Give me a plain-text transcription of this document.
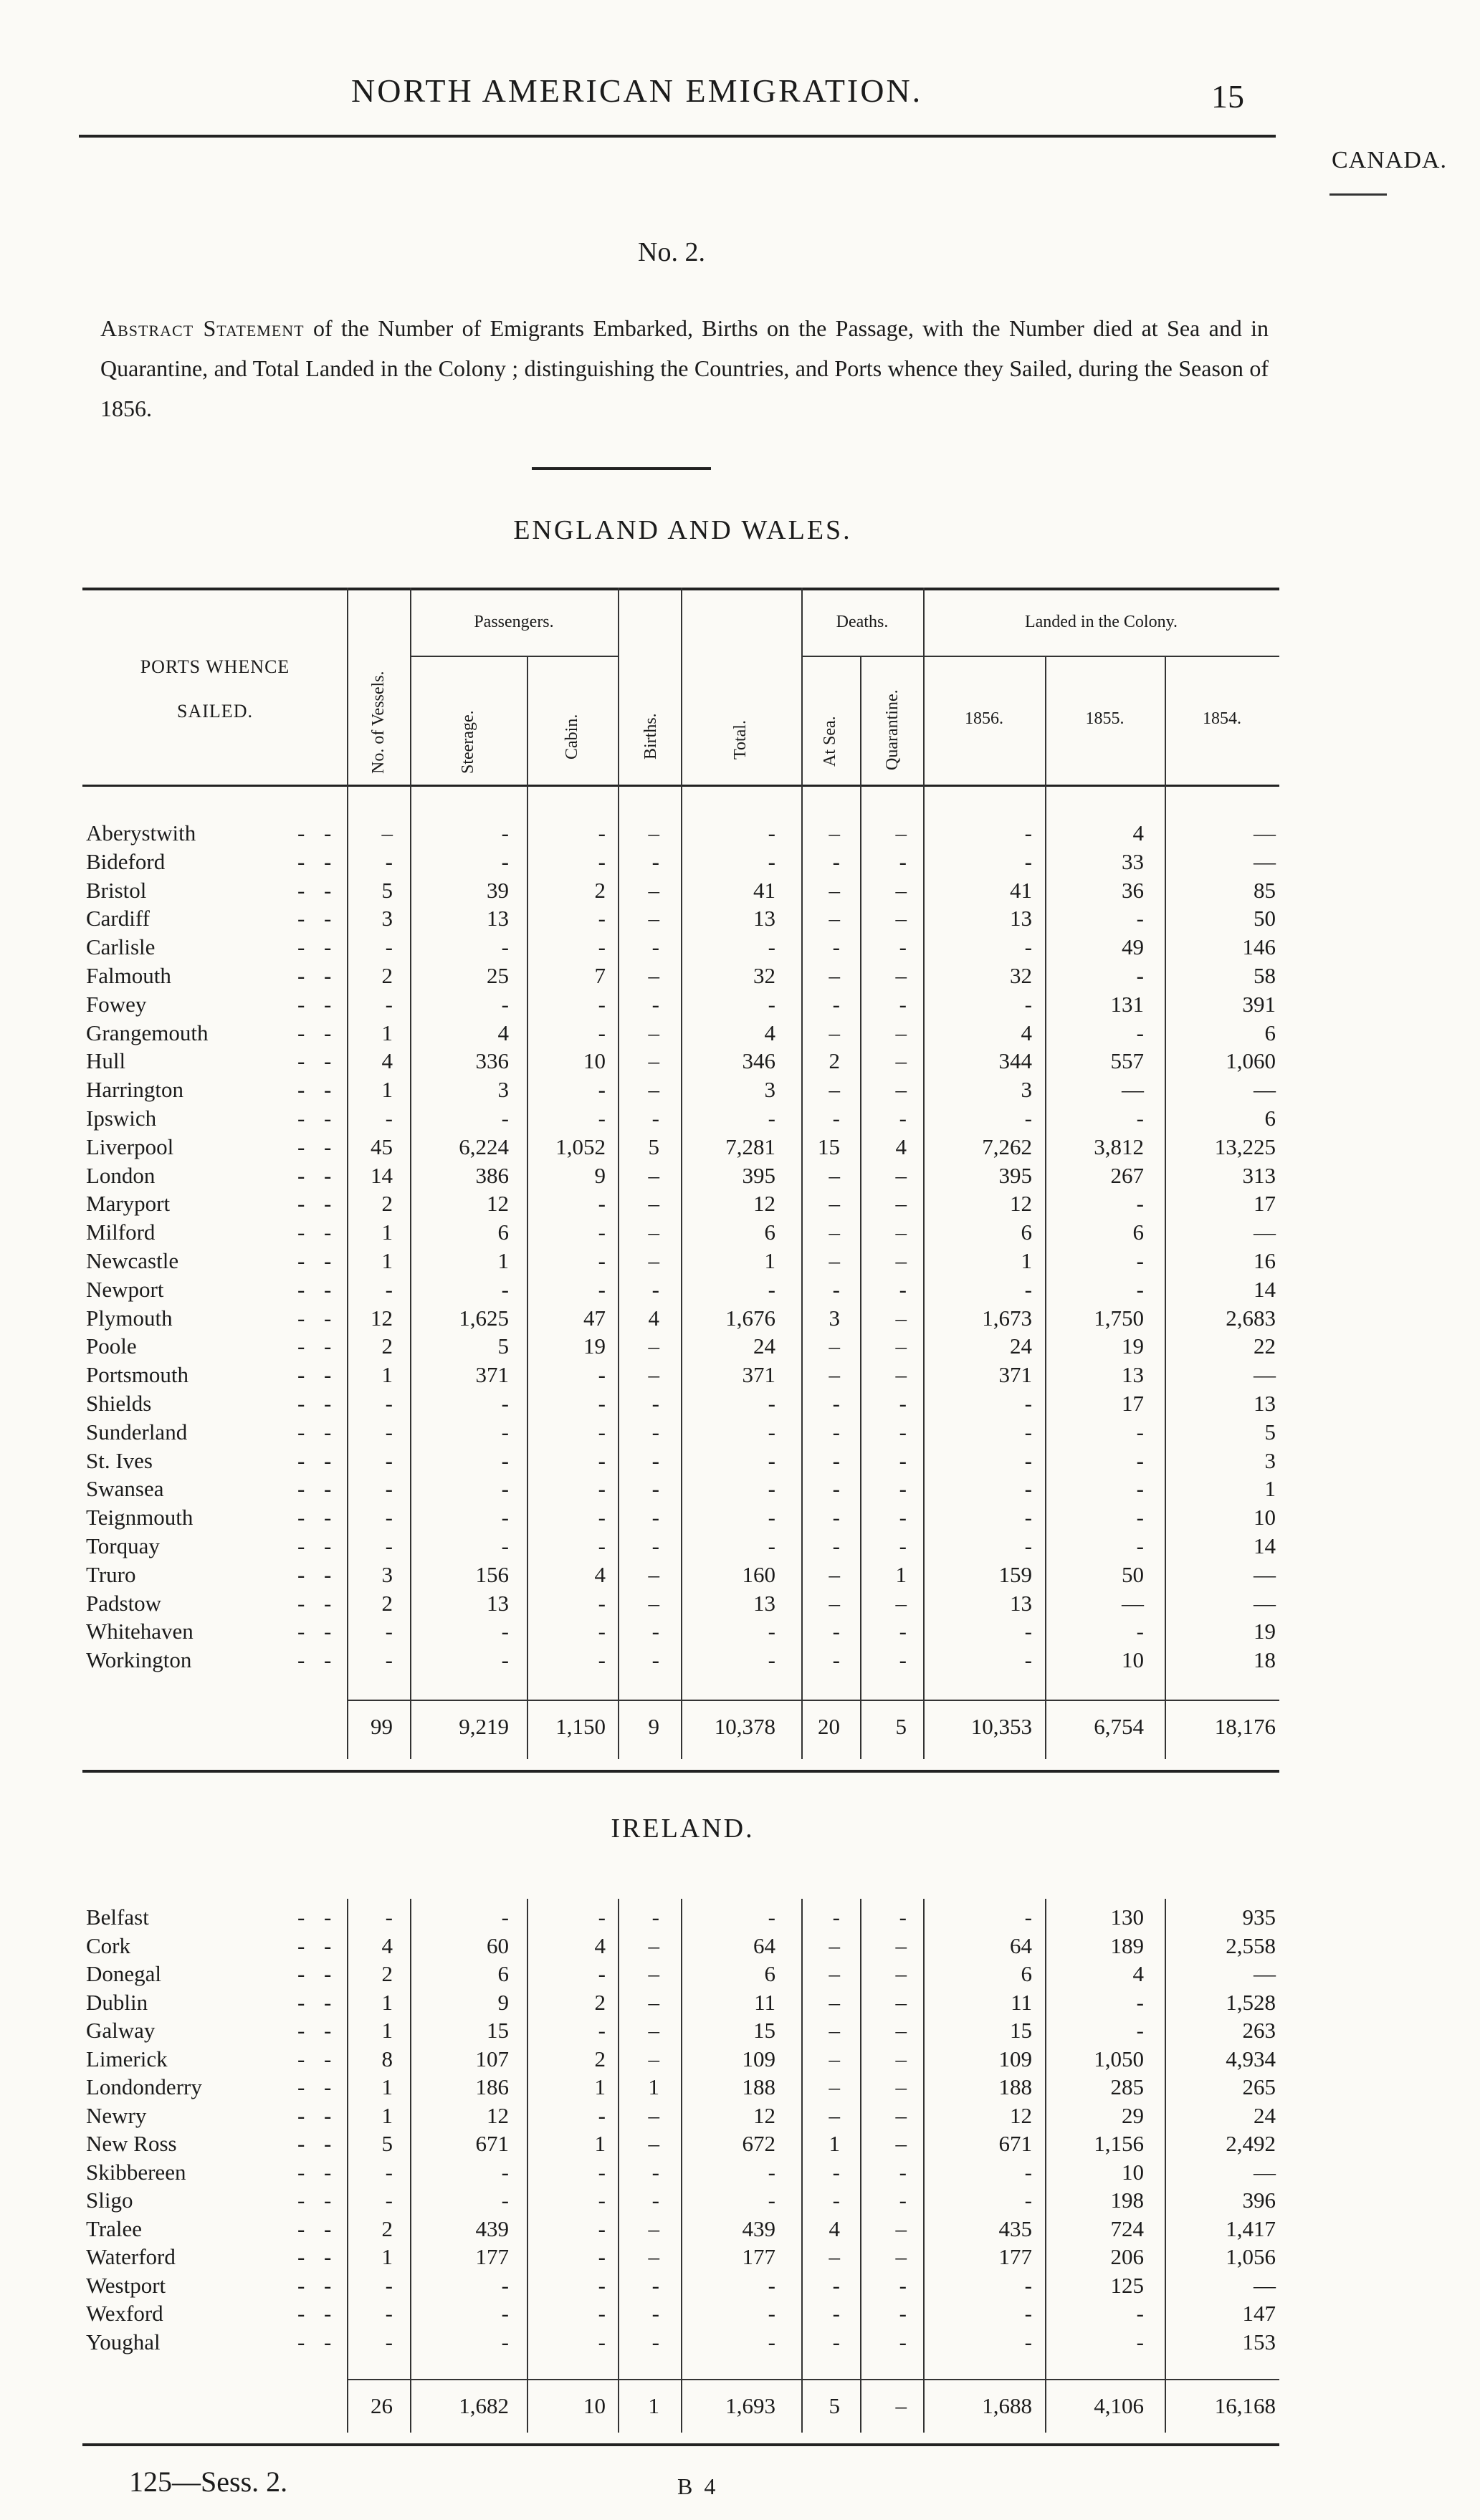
NORTH AMERICAN EMIGRATION.	15
CANADA.
No. 2.
Abstract Statement of the Number of Emigrants Embarked, Births on the Passage, with the Number died at Sea and in Quarantine, and Total Landed in the Colony ; distinguishing the Countries, and Ports whence they Sailed, during the Season of 1856.
ENGLAND AND WALES.
PORTS WHENCE SAILED.
Passengers.	Deaths.	Landed in the Colony.
1856.	1855.	1854.
No. of Vessels.	Steerage.	Cabin.	Births.	Total.	At Sea.	Quarantine.
Aberystwith	- -	–	-	-	–	-	–	–	-	4	—
Bideford	- -	-	-	-	-	-	-	-	-	33	—
Bristol	- -	5	39	2	–	41	–	–	41	36	85
Cardiff	- -	3	13	-	–	13	–	–	13	-	50
Carlisle	- -	-	-	-	-	-	-	-	-	49	146
Falmouth	- -	2	25	7	–	32	–	–	32	-	58
Fowey	- -	-	-	-	-	-	-	-	-	131	391
Grangemouth	- -	1	4	-	–	4	–	–	4	-	6
Hull	- -	4	336	10	–	346	2	–	344	557	1,060
Harrington	- -	1	3	-	–	3	–	–	3	—	—
Ipswich	- -	-	-	-	-	-	-	-	-	-	6
Liverpool	- -	45	6,224	1,052	5	7,281	15	4	7,262	3,812	13,225
London	- -	14	386	9	–	395	–	–	395	267	313
Maryport	- -	2	12	-	–	12	–	–	12	-	17
Milford	- -	1	6	-	–	6	–	–	6	6	—
Newcastle	- -	1	1	-	–	1	–	–	1	-	16
Newport	- -	-	-	-	-	-	-	-	-	-	14
Plymouth	- -	12	1,625	47	4	1,676	3	–	1,673	1,750	2,683
Poole	- -	2	5	19	–	24	–	–	24	19	22
Portsmouth	- -	1	371	-	–	371	–	–	371	13	—
Shields	- -	-	-	-	-	-	-	-	-	17	13
Sunderland	- -	-	-	-	-	-	-	-	-	-	5
St. Ives	- -	-	-	-	-	-	-	-	-	-	3
Swansea	- -	-	-	-	-	-	-	-	-	-	1
Teignmouth	- -	-	-	-	-	-	-	-	-	-	10
Torquay	- -	-	-	-	-	-	-	-	-	-	14
Truro	- -	3	156	4	–	160	–	1	159	50	—
Padstow	- -	2	13	-	–	13	–	–	13	—	—
Whitehaven	- -	-	-	-	-	-	-	-	-	-	19
Workington	- -	-	-	-	-	-	-	-	-	10	18
99	9,219	1,150	9	10,378	20	5	10,353	6,754	18,176
Belfast	- -	-	-	-	-	-	-	-	-	130	935
Cork	- -	4	60	4	–	64	–	–	64	189	2,558
Donegal	- -	2	6	-	–	6	–	–	6	4	—
Dublin	- -	1	9	2	–	11	–	–	11	-	1,528
Galway	- -	1	15	-	–	15	–	–	15	-	263
Limerick	- -	8	107	2	–	109	–	–	109	1,050	4,934
Londonderry	- -	1	186	1	1	188	–	–	188	285	265
Newry	- -	1	12	-	–	12	–	–	12	29	24
New Ross	- -	5	671	1	–	672	1	–	671	1,156	2,492
Skibbereen	- -	-	-	-	-	-	-	-	-	10	—
Sligo	- -	-	-	-	-	-	-	-	-	198	396
Tralee	- -	2	439	-	–	439	4	–	435	724	1,417
Waterford	- -	1	177	-	–	177	–	–	177	206	1,056
Westport	- -	-	-	-	-	-	-	-	-	125	—
Wexford	- -	-	-	-	-	-	-	-	-	-	147
Youghal	- -	-	-	-	-	-	-	-	-	-	153
26	1,682	10	1	1,693	5	–	1,688	4,106	16,168
IRELAND.
125—Sess. 2.	B 4
